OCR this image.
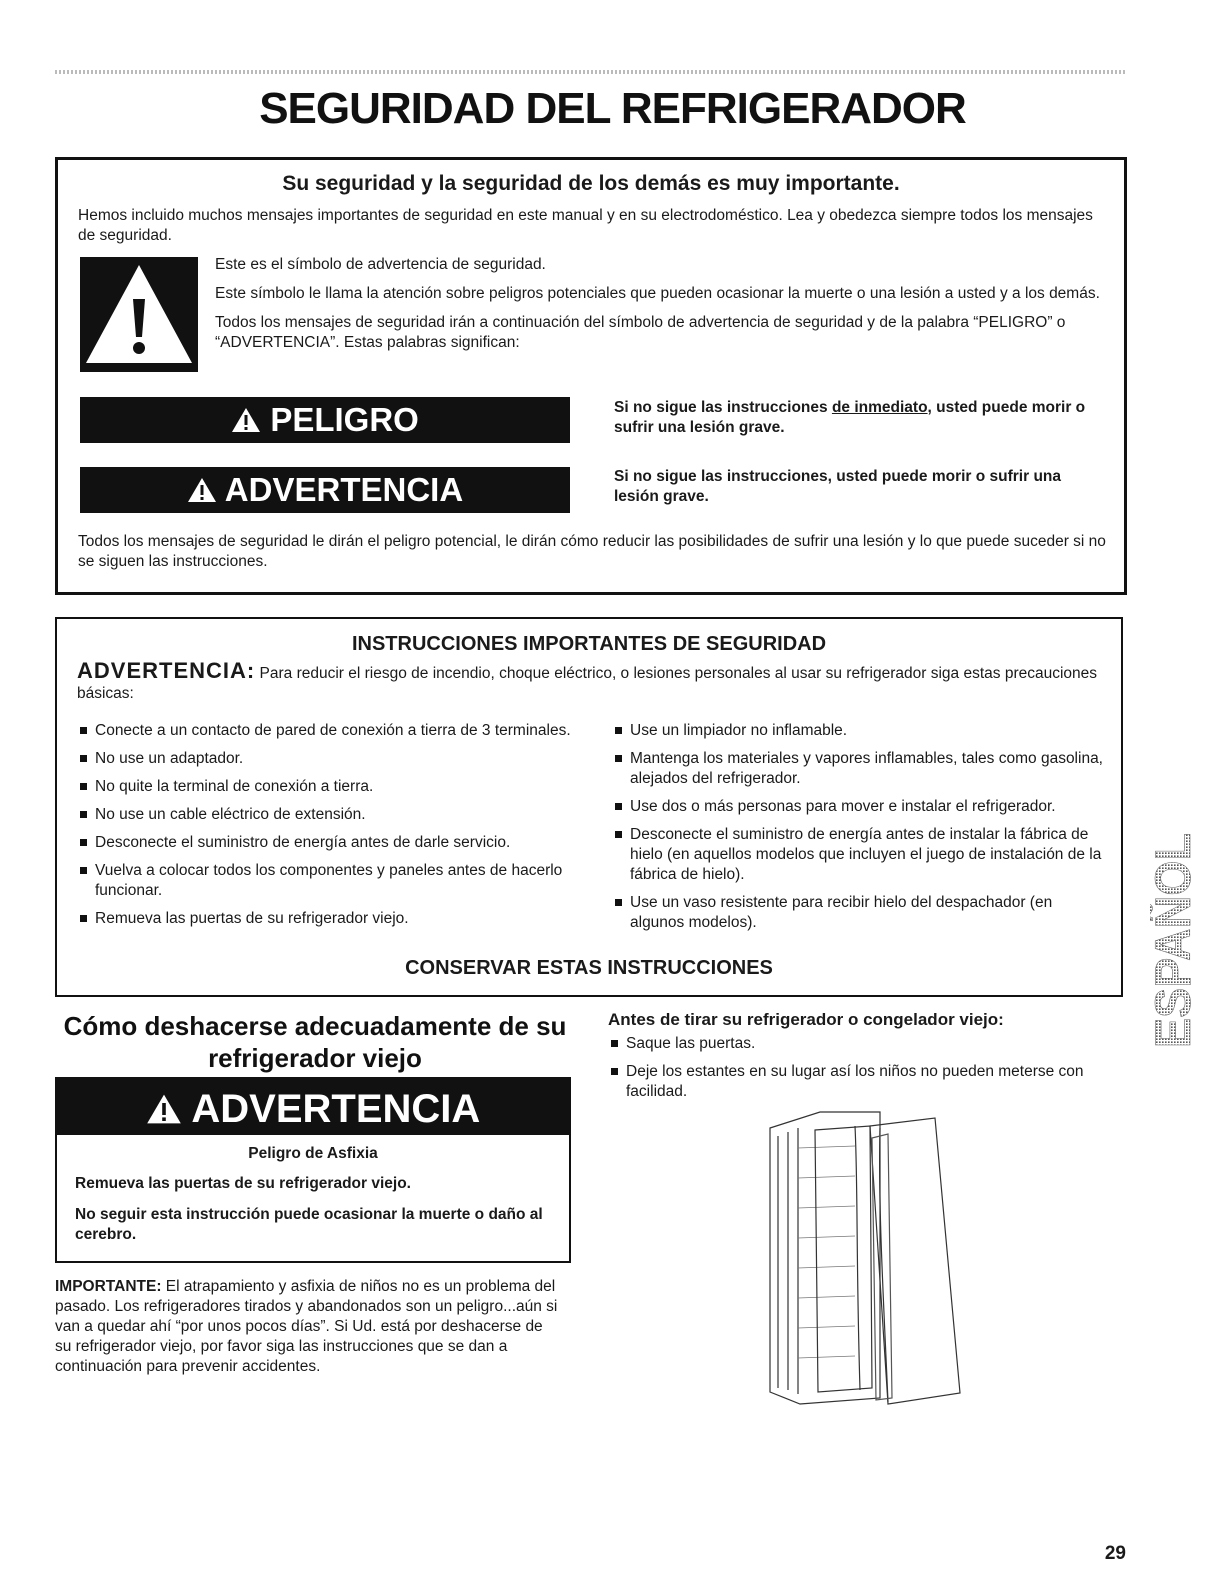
SEGURIDAD DEL REFRIGERADOR
Su seguridad y la seguridad de los demás es muy importante.
Hemos incluido muchos mensajes importantes de seguridad en este manual y en su electrodoméstico. Lea y obedezca siempre todos los mensajes de seguridad.

Este es el símbolo de advertencia de seguridad.

Este símbolo le llama la atención sobre peligros potenciales que pueden ocasionar la muerte o una lesión a usted y a los demás.

Todos los mensajes de seguridad irán a continuación del símbolo de advertencia de seguridad y de la palabra “PELIGRO” o “ADVERTENCIA”. Estas palabras significan:

PELIGRO	Si no sigue las instrucciones de inmediato, usted puede morir o sufrir una lesión grave.
ADVERTENCIA	Si no sigue las instrucciones, usted puede morir o sufrir una lesión grave.
Todos los mensajes de seguridad le dirán el peligro potencial, le dirán cómo reducir las posibilidades de sufrir una lesión y lo que puede suceder si no se siguen las instrucciones.
INSTRUCCIONES IMPORTANTES DE SEGURIDAD
ADVERTENCIA: Para reducir el riesgo de incendio, choque eléctrico, o lesiones personales al usar su refrigerador siga estas precauciones básicas:
Conecte a un contacto de pared de conexión a tierra de 3 terminales.
No use un adaptador.
No quite la terminal de conexión a tierra.
No use un cable eléctrico de extensión.
Desconecte el suministro de energía antes de darle servicio.
Vuelva a colocar todos los componentes y paneles antes de hacerlo funcionar.
Remueva las puertas de su refrigerador viejo.
Use un limpiador no inflamable.
Mantenga los materiales y vapores inflamables, tales como gasolina, alejados del refrigerador.
Use dos o más personas para mover e instalar el refrigerador.
Desconecte el suministro de energía antes de instalar la fábrica de hielo (en aquellos modelos que incluyen el juego de instalación de la fábrica de hielo).
Use un vaso resistente para recibir hielo del despachador (en algunos modelos).
CONSERVAR ESTAS INSTRUCCIONES
Cómo deshacerse adecuadamente de su refrigerador viejo
ADVERTENCIA
Peligro de Asfixia
Remueva las puertas de su refrigerador viejo.
No seguir esta instrucción puede ocasionar la muerte o daño al cerebro.
IMPORTANTE: El atrapamiento y asfixia de niños no es un problema del pasado. Los refrigeradores tirados y abandonados son un peligro...aún si van a quedar ahí “por unos pocos días”. Si Ud. está por deshacerse de su refrigerador viejo, por favor siga las instrucciones que se dan a continuación para prevenir accidentes.
Antes de tirar su refrigerador o congelador viejo:
Saque las puertas.
Deje los estantes en su lugar así los niños no pueden meterse con facilidad.
ESPAÑOL
29
